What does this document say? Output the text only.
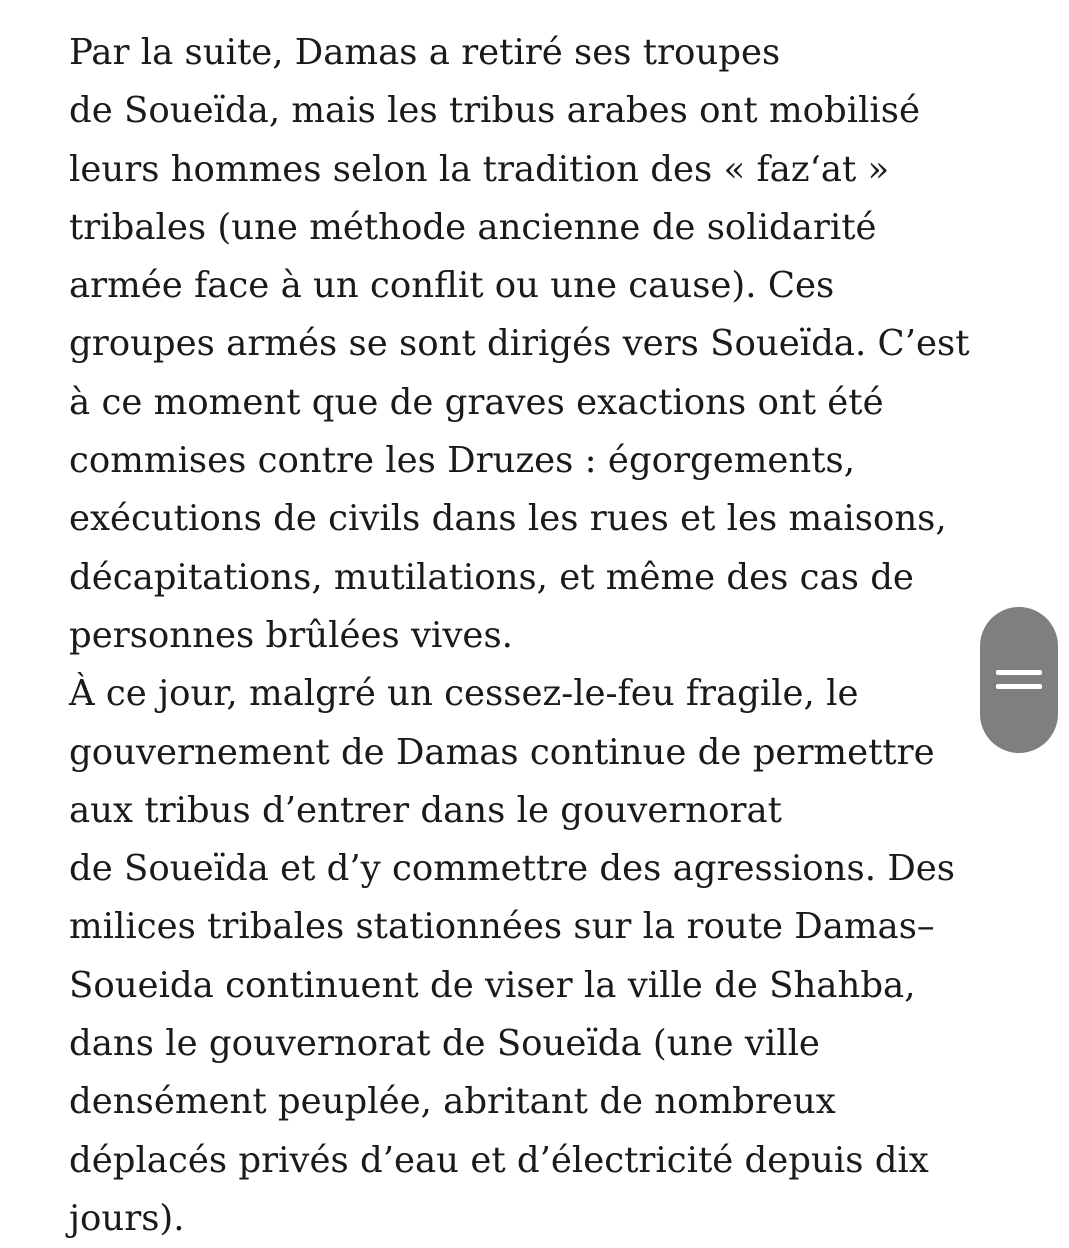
Par la suite, Damas a retiré ses troupes
de Soueïda, mais les tribus arabes ont mobilisé
leurs hommes selon la tradition des « faz‘at »
tribales (une méthode ancienne de solidarité
armée face à un conflit ou une cause). Ces
groupes armés se sont dirigés vers Soueïda. C’est
à ce moment que de graves exactions ont été
commises contre les Druzes : égorgements,
exécutions de civils dans les rues et les maisons,
décapitations, mutilations, et même des cas de
personnes brûlées vives.
À ce jour, malgré un cessez-le-feu fragile, le
gouvernement de Damas continue de permettre
aux tribus d’entrer dans le gouvernorat
de Soueïda et d’y commettre des agressions. Des
milices tribales stationnées sur la route Damas–
Soueida continuent de viser la ville de Shahba,
dans le gouvernorat de Soueïda (une ville
densément peuplée, abritant de nombreux
déplacés privés d’eau et d’électricité depuis dix
jours).
